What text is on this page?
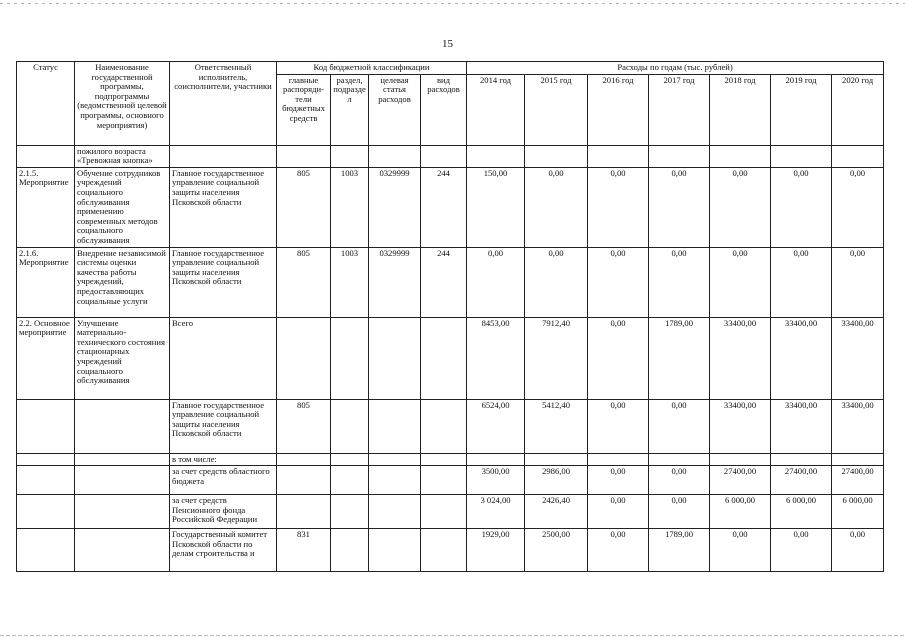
15
Статус	Наименование государственной программы, подпрограммы (ведомственной целевой программы, основного мероприятия)	Ответственный исполнитель, соисполнители, участники	Код бюджетной классификации				Расходы по годам (тыс. рублей)						
			главные распоряди-тели бюджетных средств	раздел, подраздел	целевая статья расходов	вид расходов	2014 год	2015 год	2016 год	2017 год	2018 год	2019 год	2020 год
	пожилого возраста «Тревожная кнопка»												
2.1.5. Мероприятие	Обучение сотрудников учреждений социального обслуживания применению современных методов социального обслуживания	Главное государственное управление социальной защиты населения Псковской области	805	1003	0329999	244	150,00	0,00	0,00	0,00	0,00	0,00	0,00
2.1.6. Мероприятие	Внедрение независимой системы оценки качества работы учреждений, предоставляющих социальные услуги	Главное государственное управление социальной защиты населения Псковской области	805	1003	0329999	244	0,00	0,00	0,00	0,00	0,00	0,00	0,00
2.2. Основное мероприятие	Улучшение материально-технического состояния стационарных учреждений социального обслуживания	Всего					8453,00	7912,40	0,00	1789,00	33400,00	33400,00	33400,00
		Главное государственное управление социальной защиты населения Псковской области	805				6524,00	5412,40	0,00	0,00	33400,00	33400,00	33400,00
		в том числе:											
		за счет средств областного бюджета					3500,00	2986,00	0,00	0,00	27400,00	27400,00	27400,00
		за счет средств Пенсионного фонда Российской Федерации					3 024,00	2426,40	0,00	0,00	6 000,00	6 000,00	6 000,00
		Государственный комитет Псковской области по делам строительства и	831				1929,00	2500,00	0,00	1789,00	0,00	0,00	0,00
